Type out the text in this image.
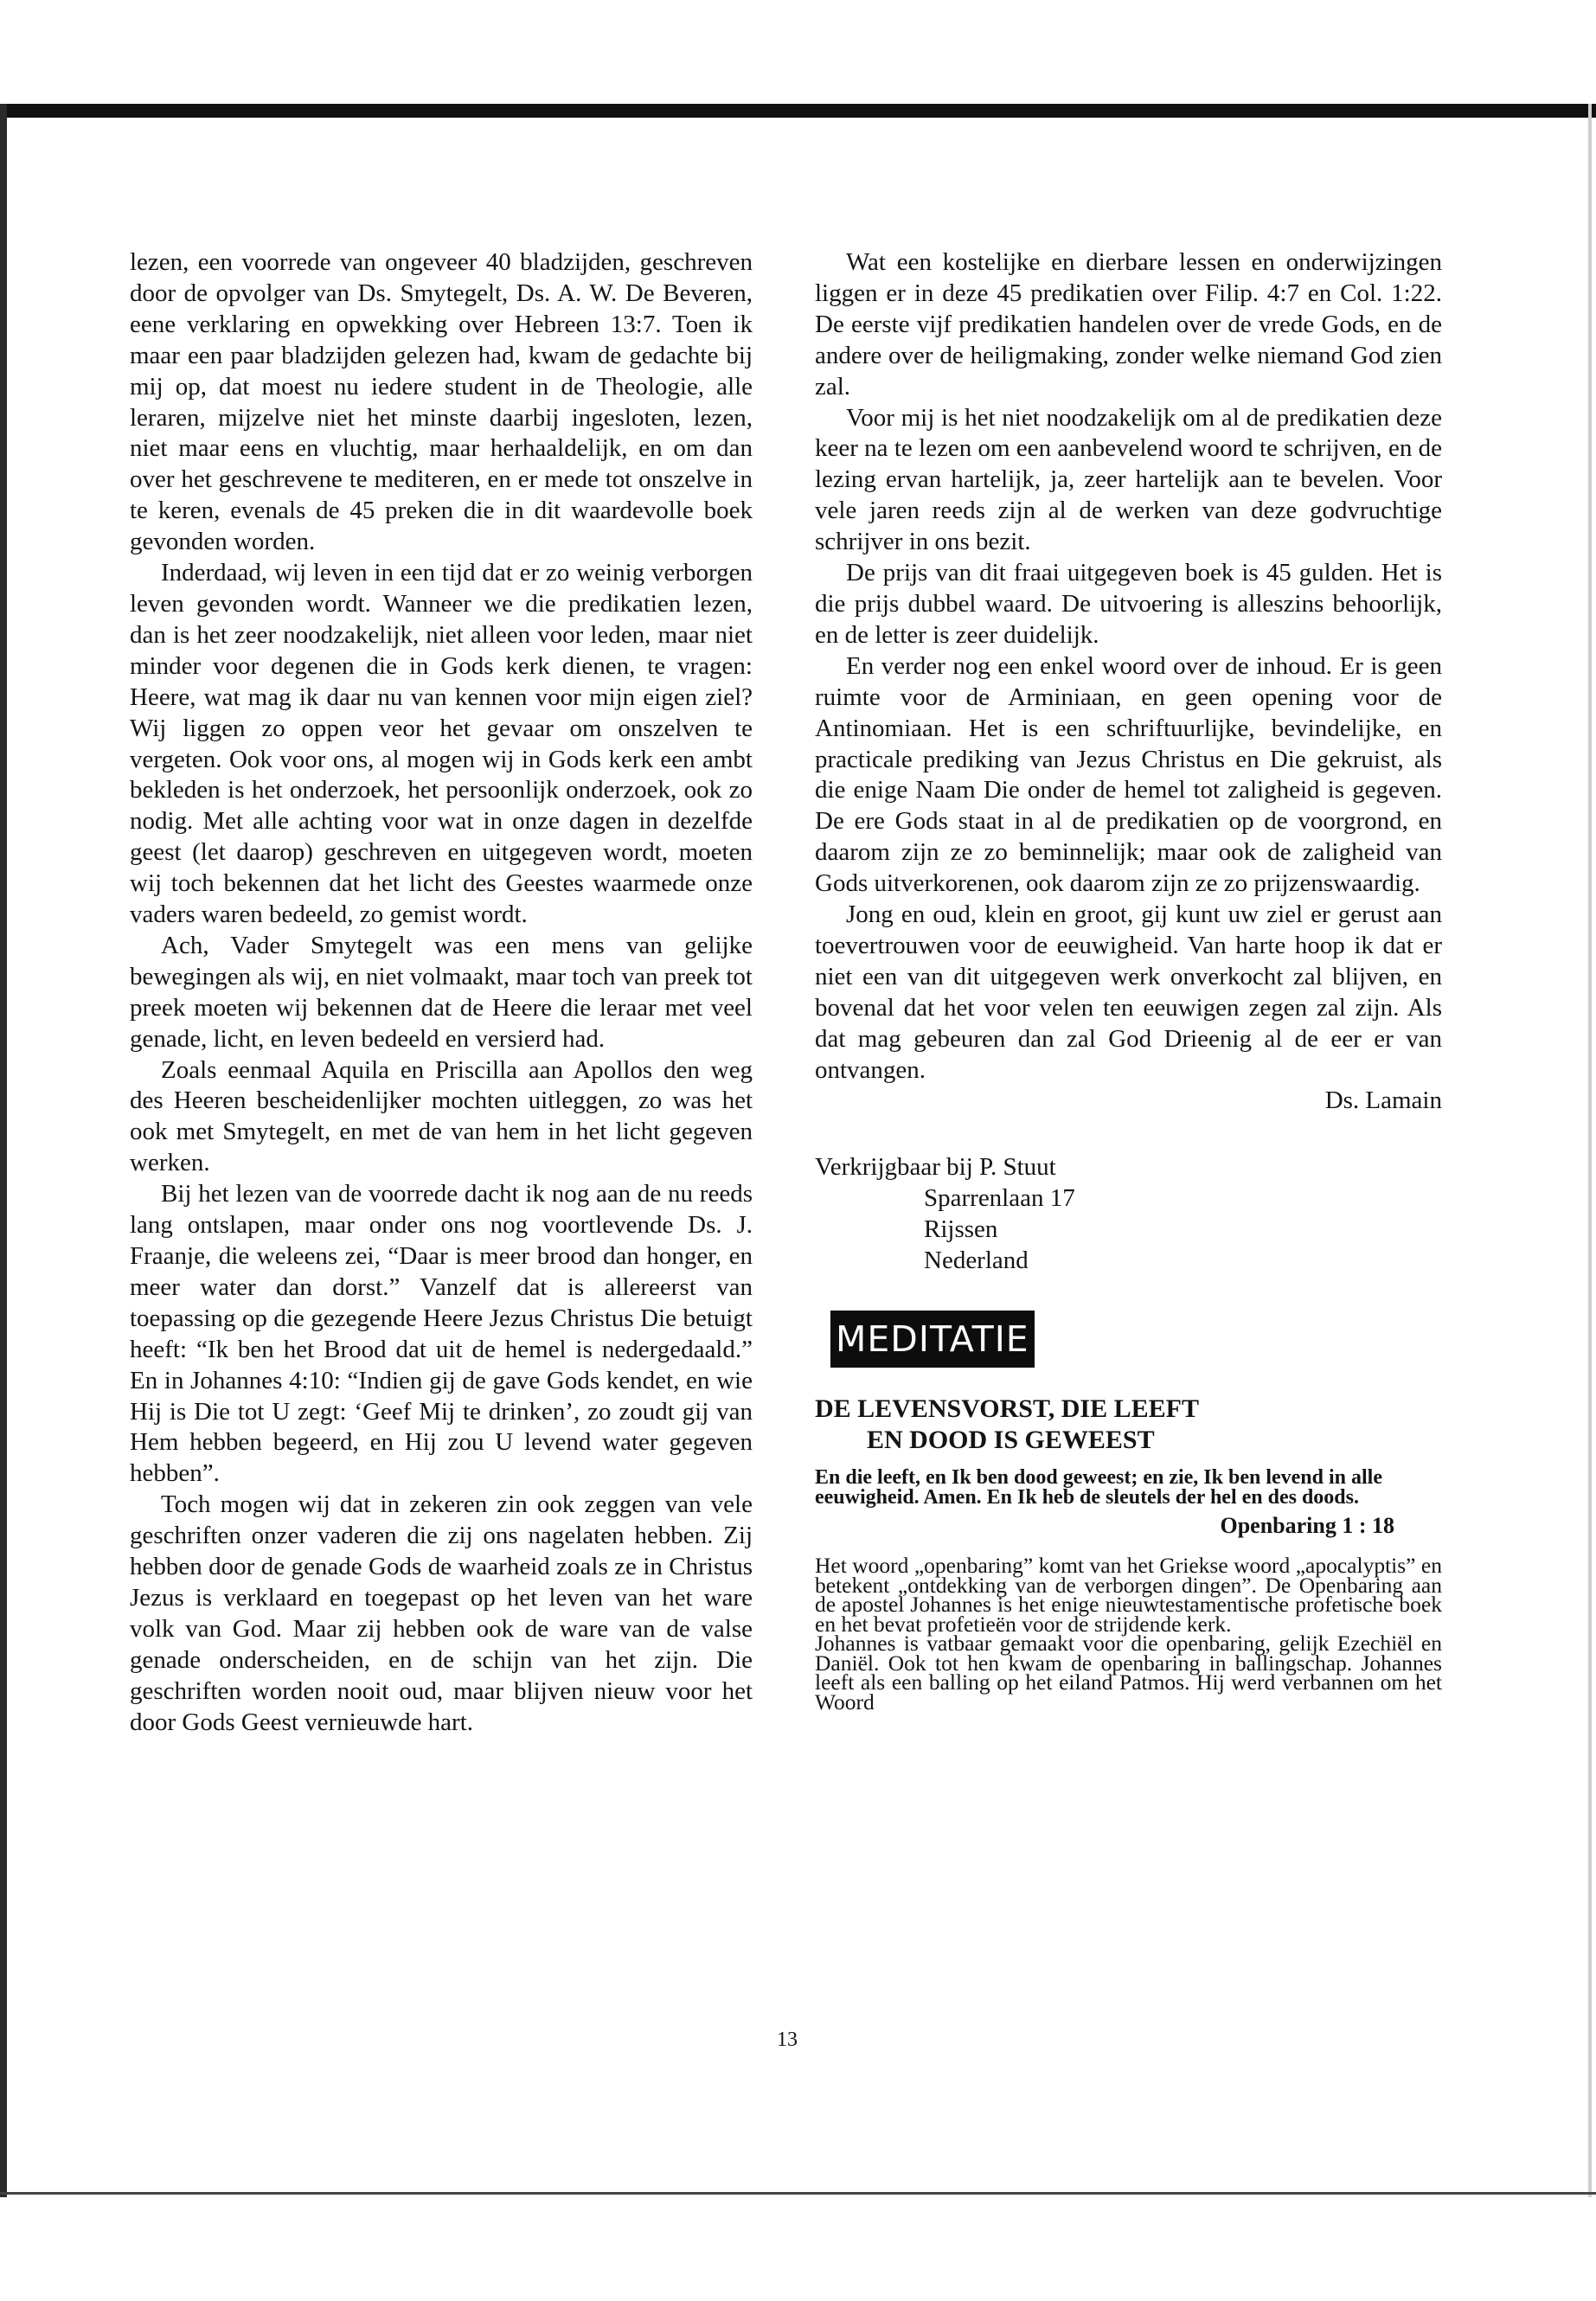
lezen, een voorrede van ongeveer 40 bladzijden, geschreven door de opvolger van Ds. Smytegelt, Ds. A. W. De Beveren, eene verklaring en opwekking over Hebreen 13:7. Toen ik maar een paar bladzijden gelezen had, kwam de gedachte bij mij op, dat moest nu iedere student in de Theologie, alle leraren, mijzelve niet het minste daarbij ingesloten, lezen, niet maar eens en vluchtig, maar herhaaldelijk, en om dan over het geschrevene te mediteren, en er mede tot onszelve in te keren, evenals de 45 preken die in dit waardevolle boek gevonden worden.

Inderdaad, wij leven in een tijd dat er zo weinig verborgen leven gevonden wordt. Wanneer we die predikatien lezen, dan is het zeer noodzakelijk, niet alleen voor leden, maar niet minder voor degenen die in Gods kerk dienen, te vragen: Heere, wat mag ik daar nu van kennen voor mijn eigen ziel? Wij liggen zo oppen veor het gevaar om onszelven te vergeten. Ook voor ons, al mogen wij in Gods kerk een ambt bekleden is het onderzoek, het persoonlijk onderzoek, ook zo nodig. Met alle achting voor wat in onze dagen in dezelfde geest (let daarop) geschreven en uitgegeven wordt, moeten wij toch bekennen dat het licht des Geestes waarmede onze vaders waren bedeeld, zo gemist wordt.

Ach, Vader Smytegelt was een mens van gelijke bewegingen als wij, en niet volmaakt, maar toch van preek tot preek moeten wij bekennen dat de Heere die leraar met veel genade, licht, en leven bedeeld en versierd had.

Zoals eenmaal Aquila en Priscilla aan Apollos den weg des Heeren bescheidenlijker mochten uitleggen, zo was het ook met Smytegelt, en met de van hem in het licht gegeven werken.

Bij het lezen van de voorrede dacht ik nog aan de nu reeds lang ontslapen, maar onder ons nog voortlevende Ds. J. Fraanje, die weleens zei, “Daar is meer brood dan honger, en meer water dan dorst.” Vanzelf dat is allereerst van toepassing op die gezegende Heere Jezus Christus Die betuigt heeft: “Ik ben het Brood dat uit de hemel is nedergedaald.” En in Johannes 4:10: “Indien gij de gave Gods kendet, en wie Hij is Die tot U zegt: ‘Geef Mij te drinken’, zo zoudt gij van Hem hebben begeerd, en Hij zou U levend water gegeven hebben”.

Toch mogen wij dat in zekeren zin ook zeggen van vele geschriften onzer vaderen die zij ons nagelaten hebben. Zij hebben door de genade Gods de waarheid zoals ze in Christus Jezus is verklaard en toegepast op het leven van het ware volk van God. Maar zij hebben ook de ware van de valse genade onderscheiden, en de schijn van het zijn. Die geschriften worden nooit oud, maar blijven nieuw voor het door Gods Geest vernieuwde hart.

Wat een kostelijke en dierbare lessen en onderwijzingen liggen er in deze 45 predikatien over Filip. 4:7 en Col. 1:22. De eerste vijf predikatien handelen over de vrede Gods, en de andere over de heiligmaking, zonder welke niemand God zien zal.

Voor mij is het niet noodzakelijk om al de predikatien deze keer na te lezen om een aanbevelend woord te schrijven, en de lezing ervan hartelijk, ja, zeer hartelijk aan te bevelen. Voor vele jaren reeds zijn al de werken van deze godvruchtige schrijver in ons bezit.

De prijs van dit fraai uitgegeven boek is 45 gulden. Het is die prijs dubbel waard. De uitvoering is alleszins behoorlijk, en de letter is zeer duidelijk.

En verder nog een enkel woord over de inhoud. Er is geen ruimte voor de Arminiaan, en geen opening voor de Antinomiaan. Het is een schriftuurlijke, bevindelijke, en practicale prediking van Jezus Christus en Die gekruist, als die enige Naam Die onder de hemel tot zaligheid is gegeven. De ere Gods staat in al de predikatien op de voorgrond, en daarom zijn ze zo beminnelijk; maar ook de zaligheid van Gods uitverkorenen, ook daarom zijn ze zo prijzenswaardig.

Jong en oud, klein en groot, gij kunt uw ziel er gerust aan toevertrouwen voor de eeuwigheid. Van harte hoop ik dat er niet een van dit uitgegeven werk onverkocht zal blijven, en bovenal dat het voor velen ten eeuwigen zegen zal zijn. Als dat mag gebeuren dan zal God Drieenig al de eer er van ontvangen.

Ds. Lamain

Verkrijgbaar bij P. Stuut
Sparrenlaan 17
Rijssen
Nederland
MEDITATIE
DE LEVENSVORST, DIE LEEFT
EN DOOD IS GEWEEST

En die leeft, en Ik ben dood geweest; en zie, Ik ben levend in alle eeuwigheid. Amen. En Ik heb de sleutels der hel en des doods.

Openbaring 1 : 18

Het woord „openbaring” komt van het Griekse woord „apocalyptis” en betekent „ontdekking van de verborgen dingen”. De Openbaring aan de apostel Johannes is het enige nieuwtestamentische profetische boek en het bevat profetieën voor de strijdende kerk.

Johannes is vatbaar gemaakt voor die openbaring, gelijk Ezechiël en Daniël. Ook tot hen kwam de openbaring in ballingschap. Johannes leeft als een balling op het eiland Patmos. Hij werd verbannen om het Woord

13
